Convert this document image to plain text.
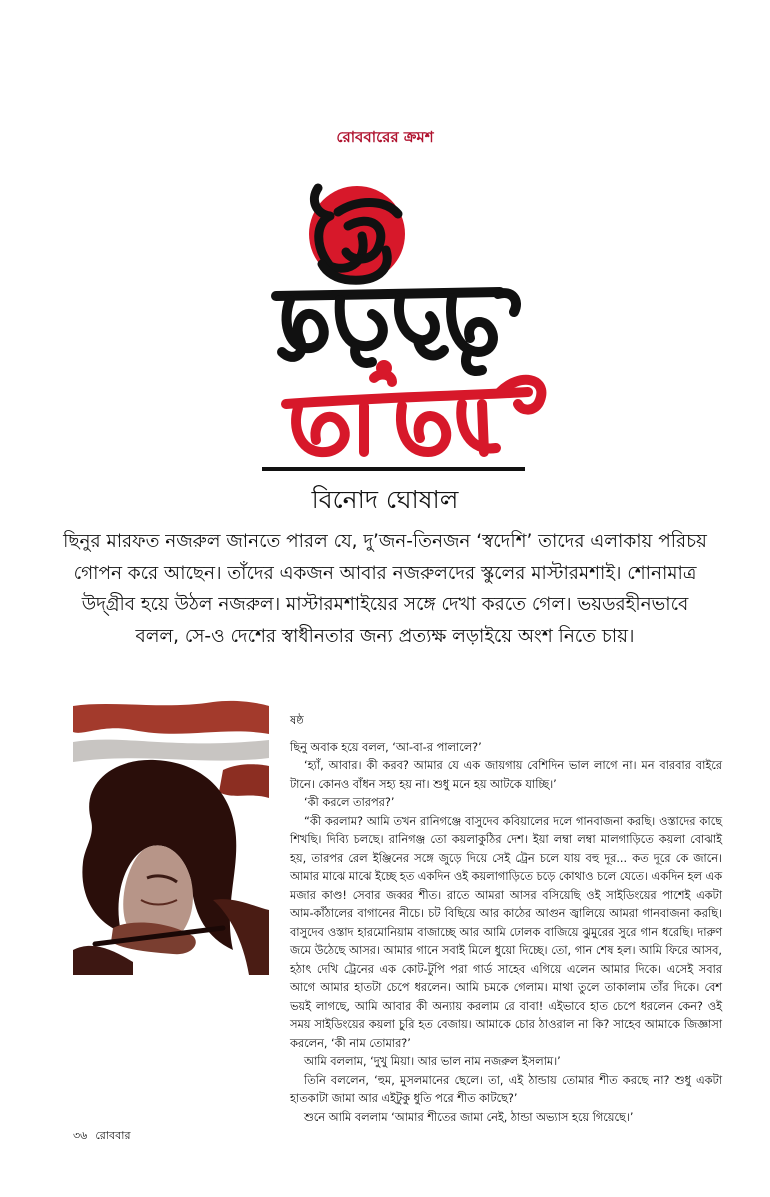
রোববারের ক্রমশ
বিনোদ ঘোষাল
ছিনুর মারফত নজরুল জানতে পারল যে, দু’জন-তিনজন ‘স্বদেশি’ তাদের এলাকায় পরিচয় গোপন করে আছেন। তাঁদের একজন আবার নজরুলদের স্কুলের মাস্টারমশাই। শোনামাত্র উদ্গ্রীব হয়ে উঠল নজরুল। মাস্টারমশাইয়ের সঙ্গে দেখা করতে গেল। ভয়ডরহীনভাবে বলল, সে-ও দেশের স্বাধীনতার জন্য প্রত্যক্ষ লড়াইয়ে অংশ নিতে চায়।

ষষ্ঠ

ছিনু অবাক হয়ে বলল, ‘আ-বা-র পালালে?’

‘হ্যাঁ, আবার। কী করব? আমার যে এক জায়গায় বেশিদিন ভাল লাগে না। মন বারবার বাইরে টানে। কোনও বাঁধন সহ্য হয় না। শুধু মনে হয় আটকে যাচ্ছি।’

‘কী করলে তারপর?’

“কী করলাম? আমি তখন রানিগঞ্জে বাসুদেব কবিয়ালের দলে গানবাজনা করছি। ওস্তাদের কাছে শিখছি। দিব্যি চলছে। রানিগঞ্জ তো কয়লাকুঠির দেশ। ইয়া লম্বা লম্বা মালগাড়িতে কয়লা বোঝাই হয়, তারপর রেল ইঞ্জিনের সঙ্গে জুড়ে দিয়ে সেই ট্রেন চলে যায় বহু দূর... কত দূরে কে জানে। আমার মাঝে মাঝে ইচ্ছে হত একদিন ওই কয়লাগাড়িতে চড়ে কোথাও চলে যেতে। একদিন হল এক মজার কাণ্ড! সেবার জব্বর শীত। রাতে আমরা আসর বসিয়েছি ওই সাইডিংয়ের পাশেই একটা আম-কাঁঠালের বাগানের নীচে। চট বিছিয়ে আর কাঠের আগুন জ্বালিয়ে আমরা গানবাজনা করছি। বাসুদেব ওস্তাদ হারমোনিয়াম বাজাচ্ছে আর আমি ঢোলক বাজিয়ে ঝুমুরের সুরে গান ধরেছি। দারুণ জমে উঠেছে আসর। আমার গানে সবাই মিলে ধুয়ো দিচ্ছে। তো, গান শেষ হল। আমি ফিরে আসব, হঠাৎ দেখি ট্রেনের এক কোট-টুপি পরা গার্ড সাহেব এগিয়ে এলেন আমার দিকে। এসেই সবার আগে আমার হাতটা চেপে ধরলেন। আমি চমকে গেলাম। মাথা তুলে তাকালাম তাঁর দিকে। বেশ ভয়ই লাগছে, আমি আবার কী অন্যায় করলাম রে বাবা! এইভাবে হাত চেপে ধরলেন কেন? ওই সময় সাইডিংয়ের কয়লা চুরি হত বেজায়। আমাকে চোর ঠাওরাল না কি? সাহেব আমাকে জিজ্ঞাসা করলেন, ‘কী নাম তোমার?’

আমি বললাম, ‘দুখু মিয়া। আর ভাল নাম নজরুল ইসলাম।’

তিনি বললেন, ‘হুম, মুসলমানের ছেলে। তা, এই ঠান্ডায় তোমার শীত করছে না? শুধু একটা হাতকাটা জামা আর এইটুকু ধুতি পরে শীত কাটছে?’

শুনে আমি বললাম ‘আমার শীতের জামা নেই, ঠান্ডা অভ্যাস হয়ে গিয়েছে।’

৩৬ রোববার
